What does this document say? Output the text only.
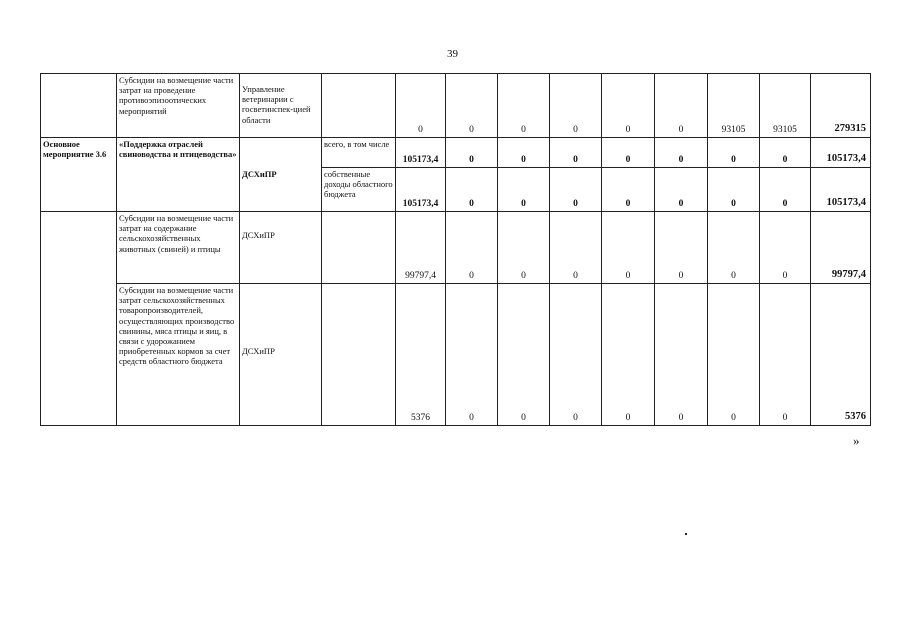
39
	Субсидии на возмещение части затрат на проведение противоэпизоотических мероприятий	Управление ветеринарии с госветинспек-цией области		0	0	0	0	0	0	93105	93105	279315
Основное мероприятие 3.6	«Поддержка отраслей свиноводства и птицеводства»	ДСХиПР	всего, в том числе	105173,4	0	0	0	0	0	0	0	105173,4
			собственные доходы областного бюджета	105173,4	0	0	0	0	0	0	0	105173,4
	Субсидии на возмещение части затрат на содержание сельскохозяйственных животных (свиней) и птицы	ДСХиПР		99797,4	0	0	0	0	0	0	0	99797,4
	Субсидии на возмещение части затрат сельскохозяйственных товаропроизводителей, осуществляющих производство свинины, мяса птицы и яиц, в связи с удорожанием приобретенных кормов за счет средств областного бюджета	ДСХиПР		5376	0	0	0	0	0	0	0	5376
»
